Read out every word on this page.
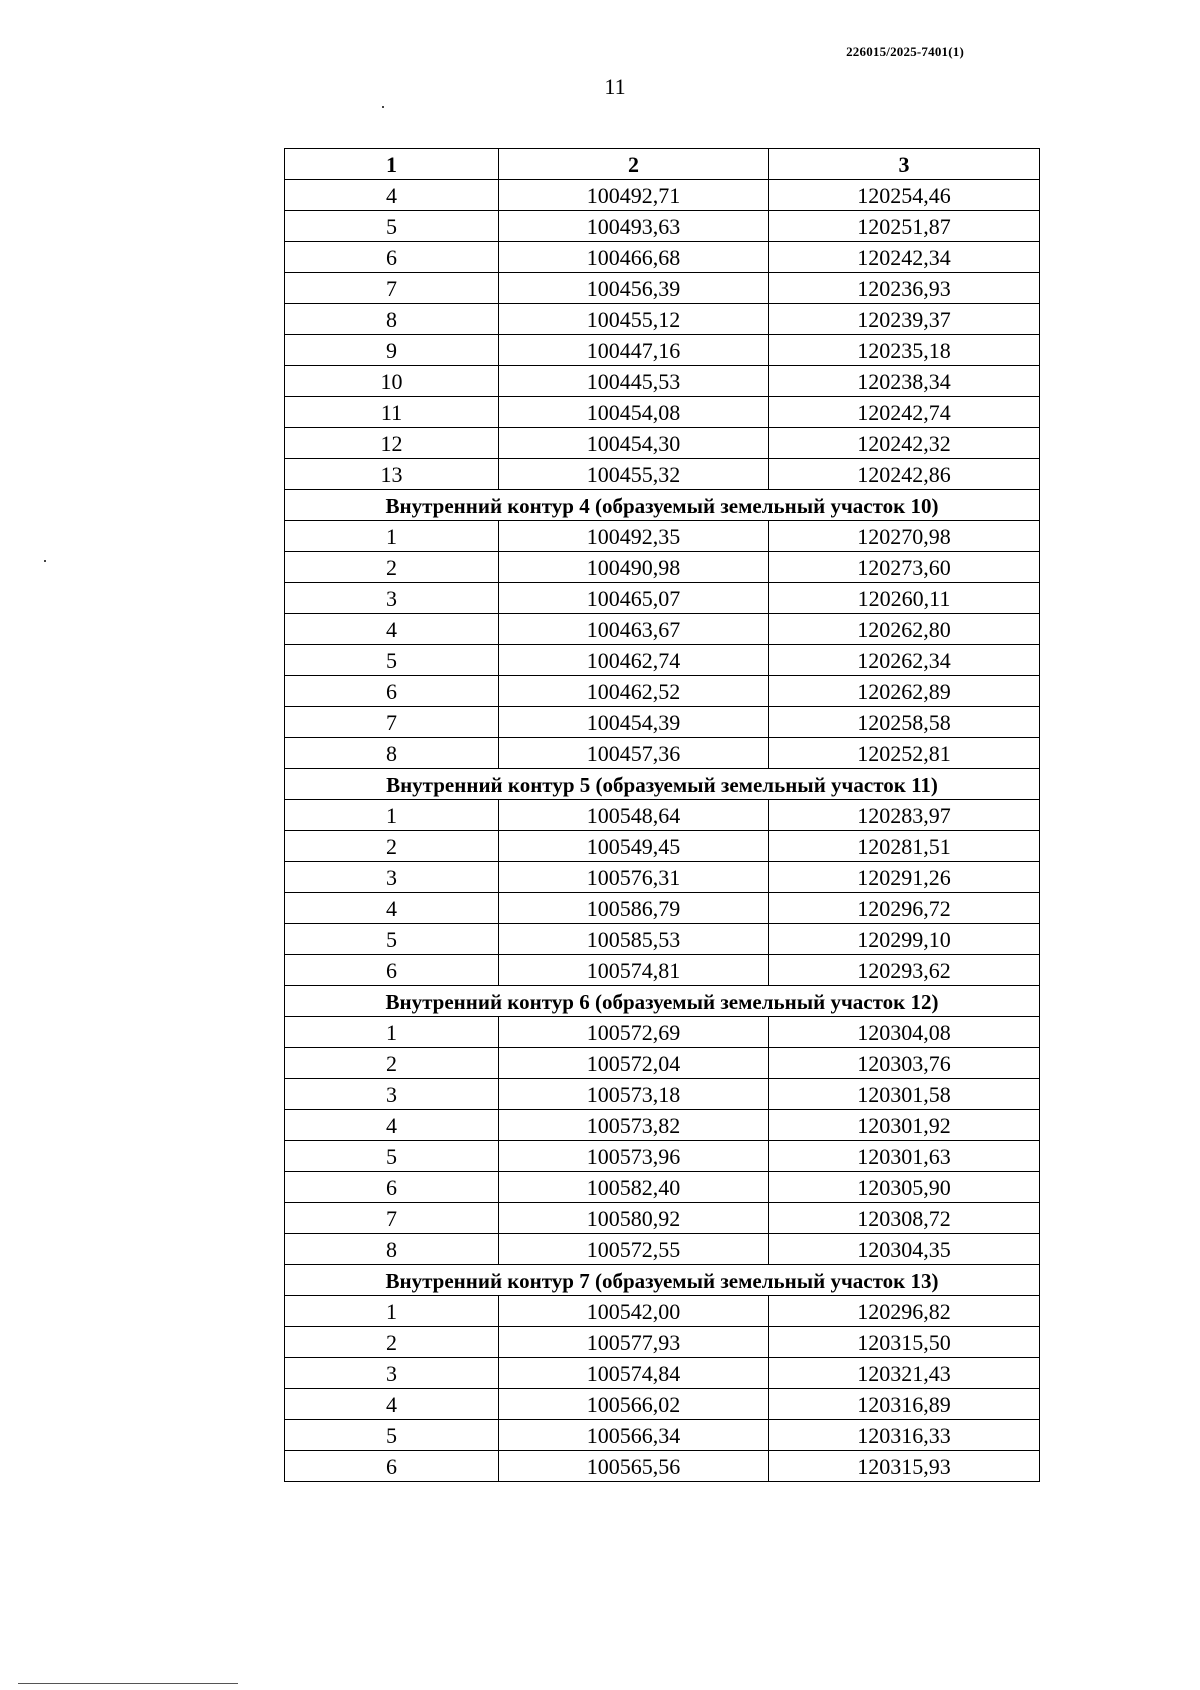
226015/2025-7401(1)
11
1	2	3
4	100492,71	120254,46
5	100493,63	120251,87
6	100466,68	120242,34
7	100456,39	120236,93
8	100455,12	120239,37
9	100447,16	120235,18
10	100445,53	120238,34
11	100454,08	120242,74
12	100454,30	120242,32
13	100455,32	120242,86
Внутренний контур 4 (образуемый земельный участок 10)		
1	100492,35	120270,98
2	100490,98	120273,60
3	100465,07	120260,11
4	100463,67	120262,80
5	100462,74	120262,34
6	100462,52	120262,89
7	100454,39	120258,58
8	100457,36	120252,81
Внутренний контур 5 (образуемый земельный участок 11)		
1	100548,64	120283,97
2	100549,45	120281,51
3	100576,31	120291,26
4	100586,79	120296,72
5	100585,53	120299,10
6	100574,81	120293,62
Внутренний контур 6 (образуемый земельный участок 12)		
1	100572,69	120304,08
2	100572,04	120303,76
3	100573,18	120301,58
4	100573,82	120301,92
5	100573,96	120301,63
6	100582,40	120305,90
7	100580,92	120308,72
8	100572,55	120304,35
Внутренний контур 7 (образуемый земельный участок 13)		
1	100542,00	120296,82
2	100577,93	120315,50
3	100574,84	120321,43
4	100566,02	120316,89
5	100566,34	120316,33
6	100565,56	120315,93
